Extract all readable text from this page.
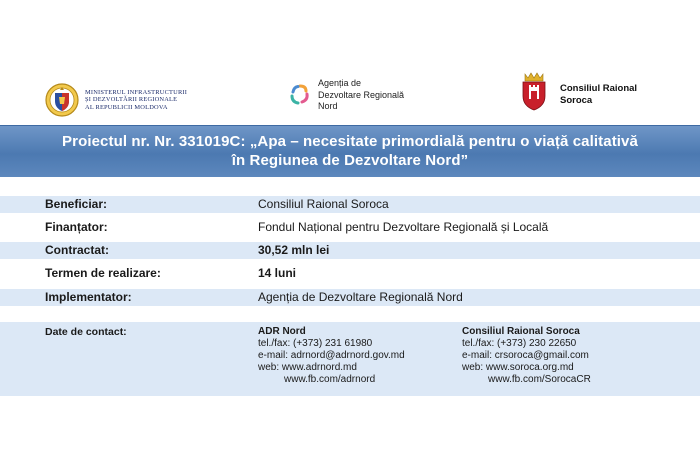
MINISTERUL INFRASTRUCTURII
ȘI DEZVOLTĂRII REGIONALE
AL REPUBLICII MOLDOVA
Agenția de
Dezvoltare Regională
Nord
Consiliul Raional
Soroca
Proiectul nr. Nr. 331019C: „Apa – necesitate primordială pentru o viață calitativă
în Regiunea de Dezvoltare Nord”
Beneficiar:	Consiliul Raional Soroca
Finanțator:	Fondul Național pentru Dezvoltare Regională și Locală
Contractat:	30,52 mln lei
Termen de realizare:	14 luni
Implementator:	Agenția de Dezvoltare Regională Nord
Date de contact:	ADR Nord
tel./fax: (+373) 231 61980
e-mail: adrnord@adrnord.gov.md
web: www.adrnord.md
www.fb.com/adrnord
Consiliul Raional Soroca
tel./fax: (+373) 230 22650
e-mail: crsoroca@gmail.com
web: www.soroca.org.md
www.fb.com/SorocaCR
